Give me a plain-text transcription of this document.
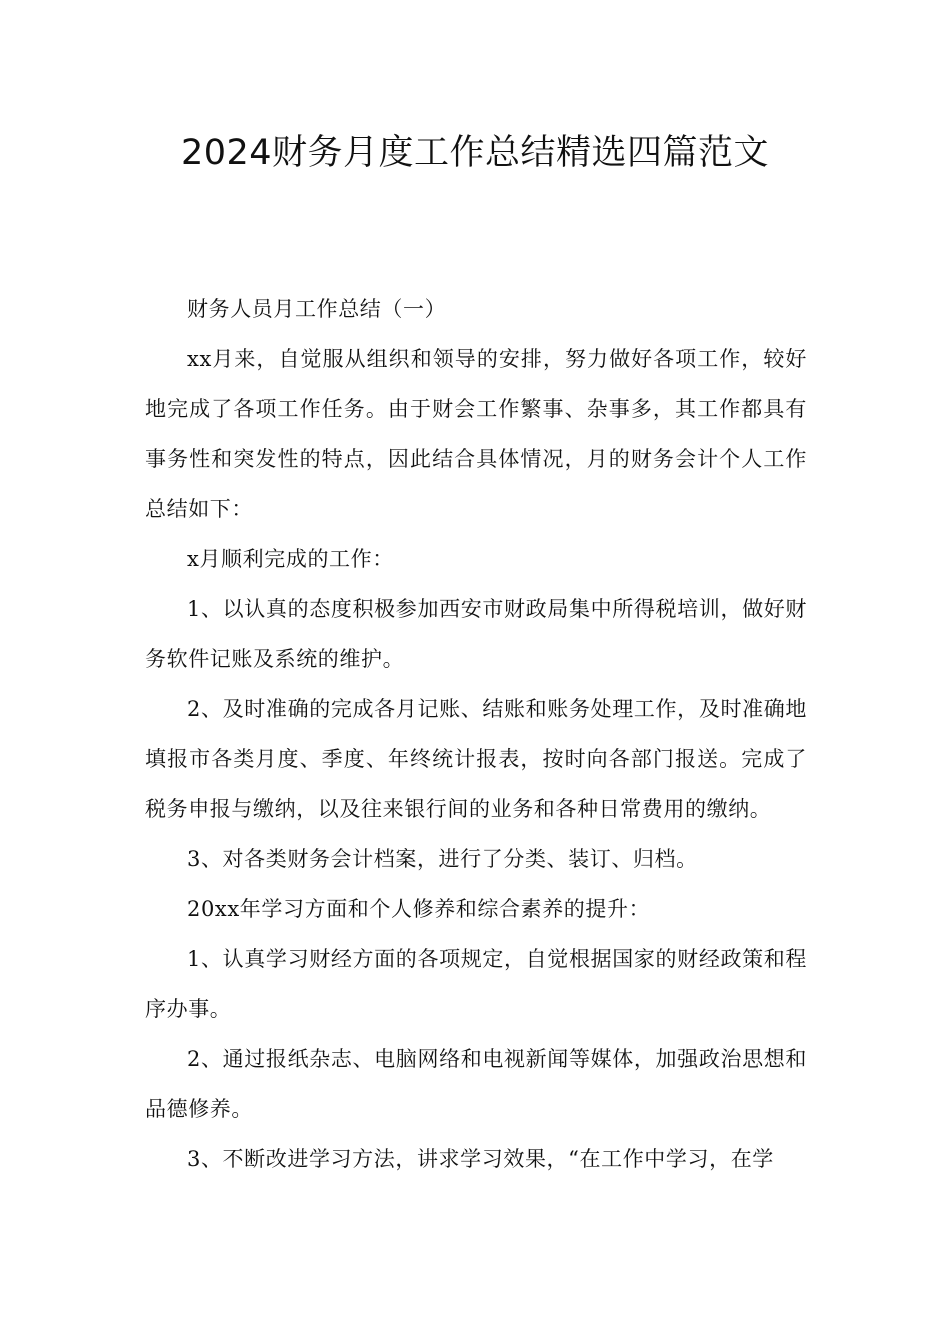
2024财务月度工作总结精选四篇范文

财务人员月工作总结（一）

xx月来，自觉服从组织和领导的安排，努力做好各项工作，较好地完成了各项工作任务。由于财会工作繁事、杂事多，其工作都具有事务性和突发性的特点，因此结合具体情况，月的财务会计个人工作总结如下：

x月顺利完成的工作：

1、以认真的态度积极参加西安市财政局集中所得税培训，做好财务软件记账及系统的维护。

2、及时准确的完成各月记账、结账和账务处理工作，及时准确地填报市各类月度、季度、年终统计报表，按时向各部门报送。完成了税务申报与缴纳，以及往来银行间的业务和各种日常费用的缴纳。

3、对各类财务会计档案，进行了分类、装订、归档。

20xx年学习方面和个人修养和综合素养的提升：

1、认真学习财经方面的各项规定，自觉根据国家的财经政策和程序办事。

2、通过报纸杂志、电脑网络和电视新闻等媒体，加强政治思想和品德修养。

3、不断改进学习方法，讲求学习效果，“在工作中学习，在学
